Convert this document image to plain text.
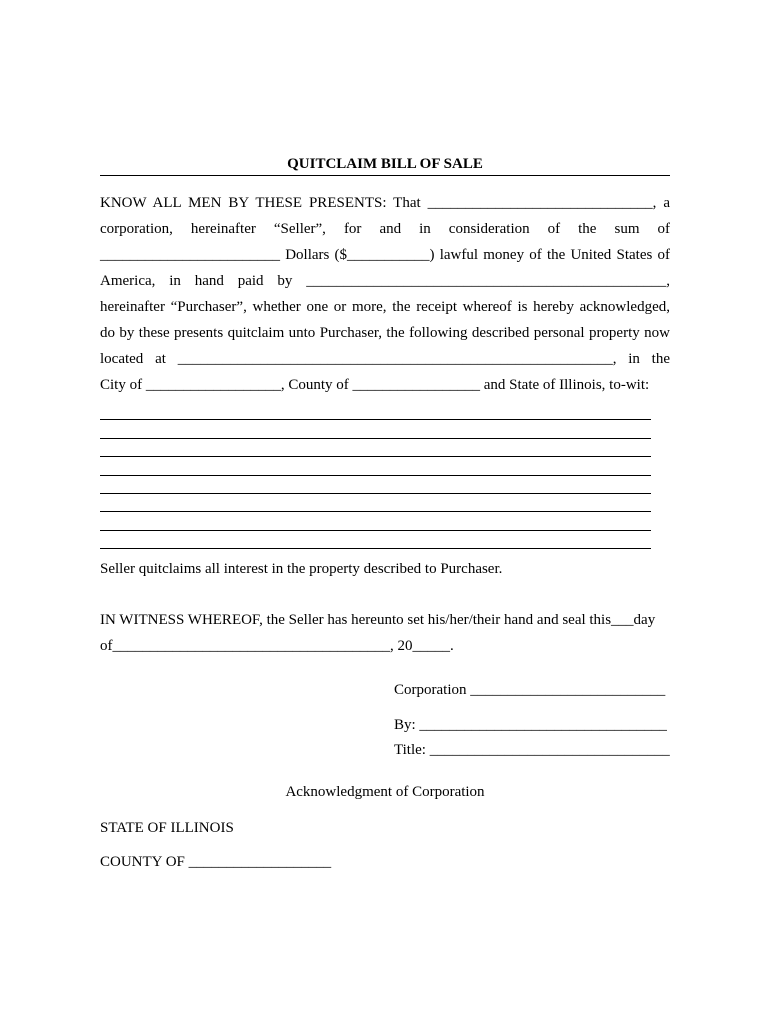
QUITCLAIM BILL OF SALE
KNOW ALL MEN BY THESE PRESENTS: That ______________________________, a
corporation, hereinafter “Seller”, for and in consideration of the sum of
________________________ Dollars ($___________) lawful money of the United States of
America, in hand paid by ________________________________________________,
hereinafter “Purchaser”, whether one or more, the receipt whereof is hereby acknowledged,
do by these presents quitclaim unto Purchaser, the following described personal property now
located at __________________________________________________________, in the
City of __________________, County of _________________ and State of Illinois, to-wit:
Seller quitclaims all interest in the property described to Purchaser.
IN WITNESS WHEREOF, the Seller has hereunto set his/her/their hand and seal this___day
of_____________________________________, 20_____.
Corporation __________________________
By: _________________________________
Title: ________________________________
Acknowledgment of Corporation
STATE OF ILLINOIS
COUNTY OF ___________________
